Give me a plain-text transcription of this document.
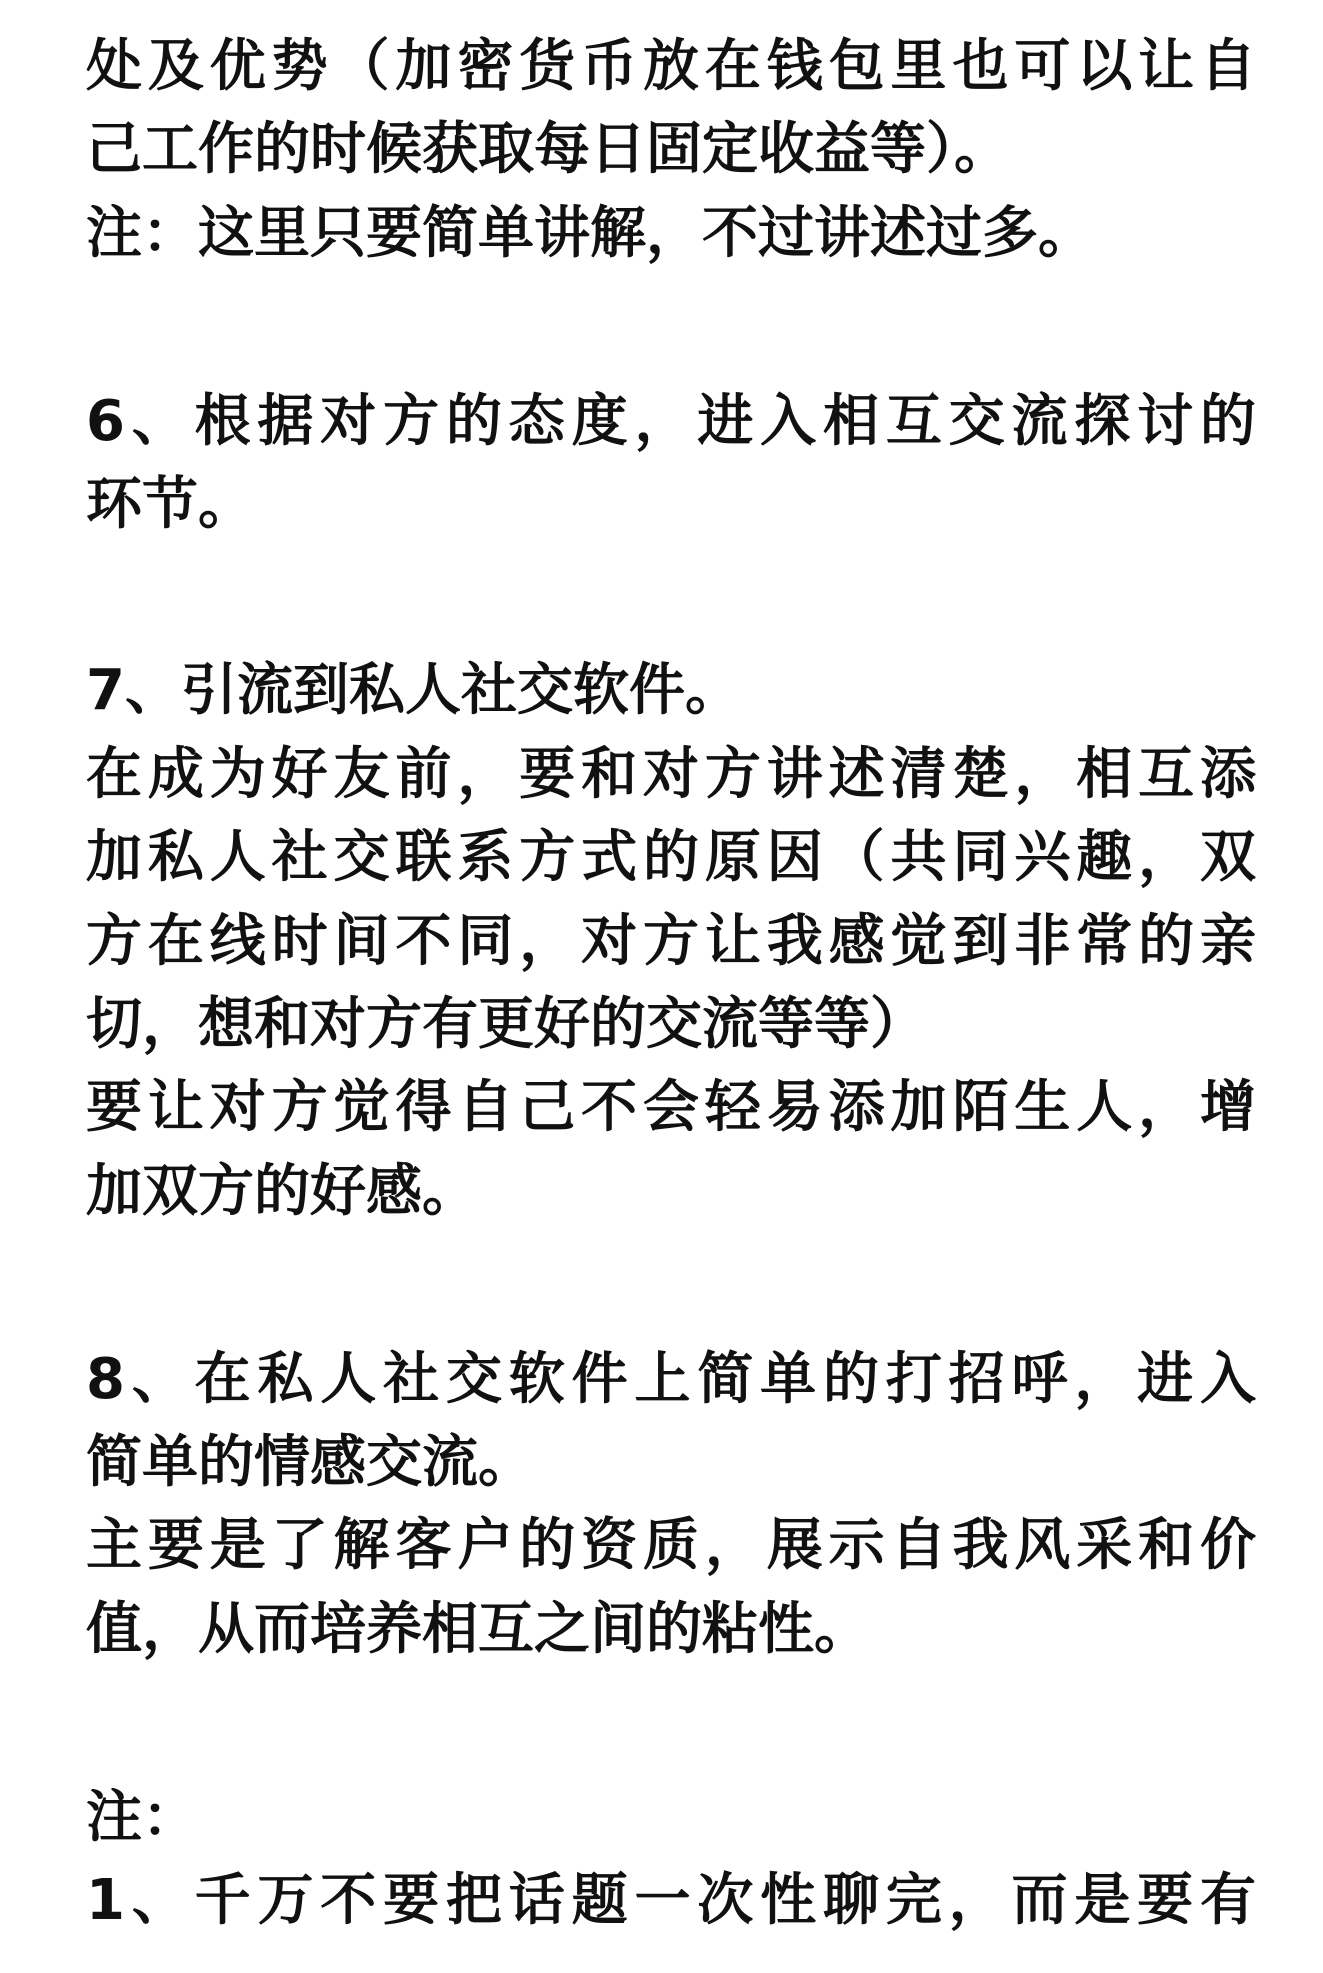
处及优势（加密货币放在钱包里也可以让自
己工作的时候获取每日固定收益等）。
注：这里只要简单讲解，不过讲述过多。
6、根据对方的态度，进入相互交流探讨的
环节。
7、引流到私人社交软件。
在成为好友前，要和对方讲述清楚，相互添
加私人社交联系方式的原因（共同兴趣，双
方在线时间不同，对方让我感觉到非常的亲
切，想和对方有更好的交流等等）
要让对方觉得自己不会轻易添加陌生人，增
加双方的好感。
8、在私人社交软件上简单的打招呼，进入
简单的情感交流。
主要是了解客户的资质，展示自我风采和价
值，从而培养相互之间的粘性。
注：
1、千万不要把话题一次性聊完，而是要有
